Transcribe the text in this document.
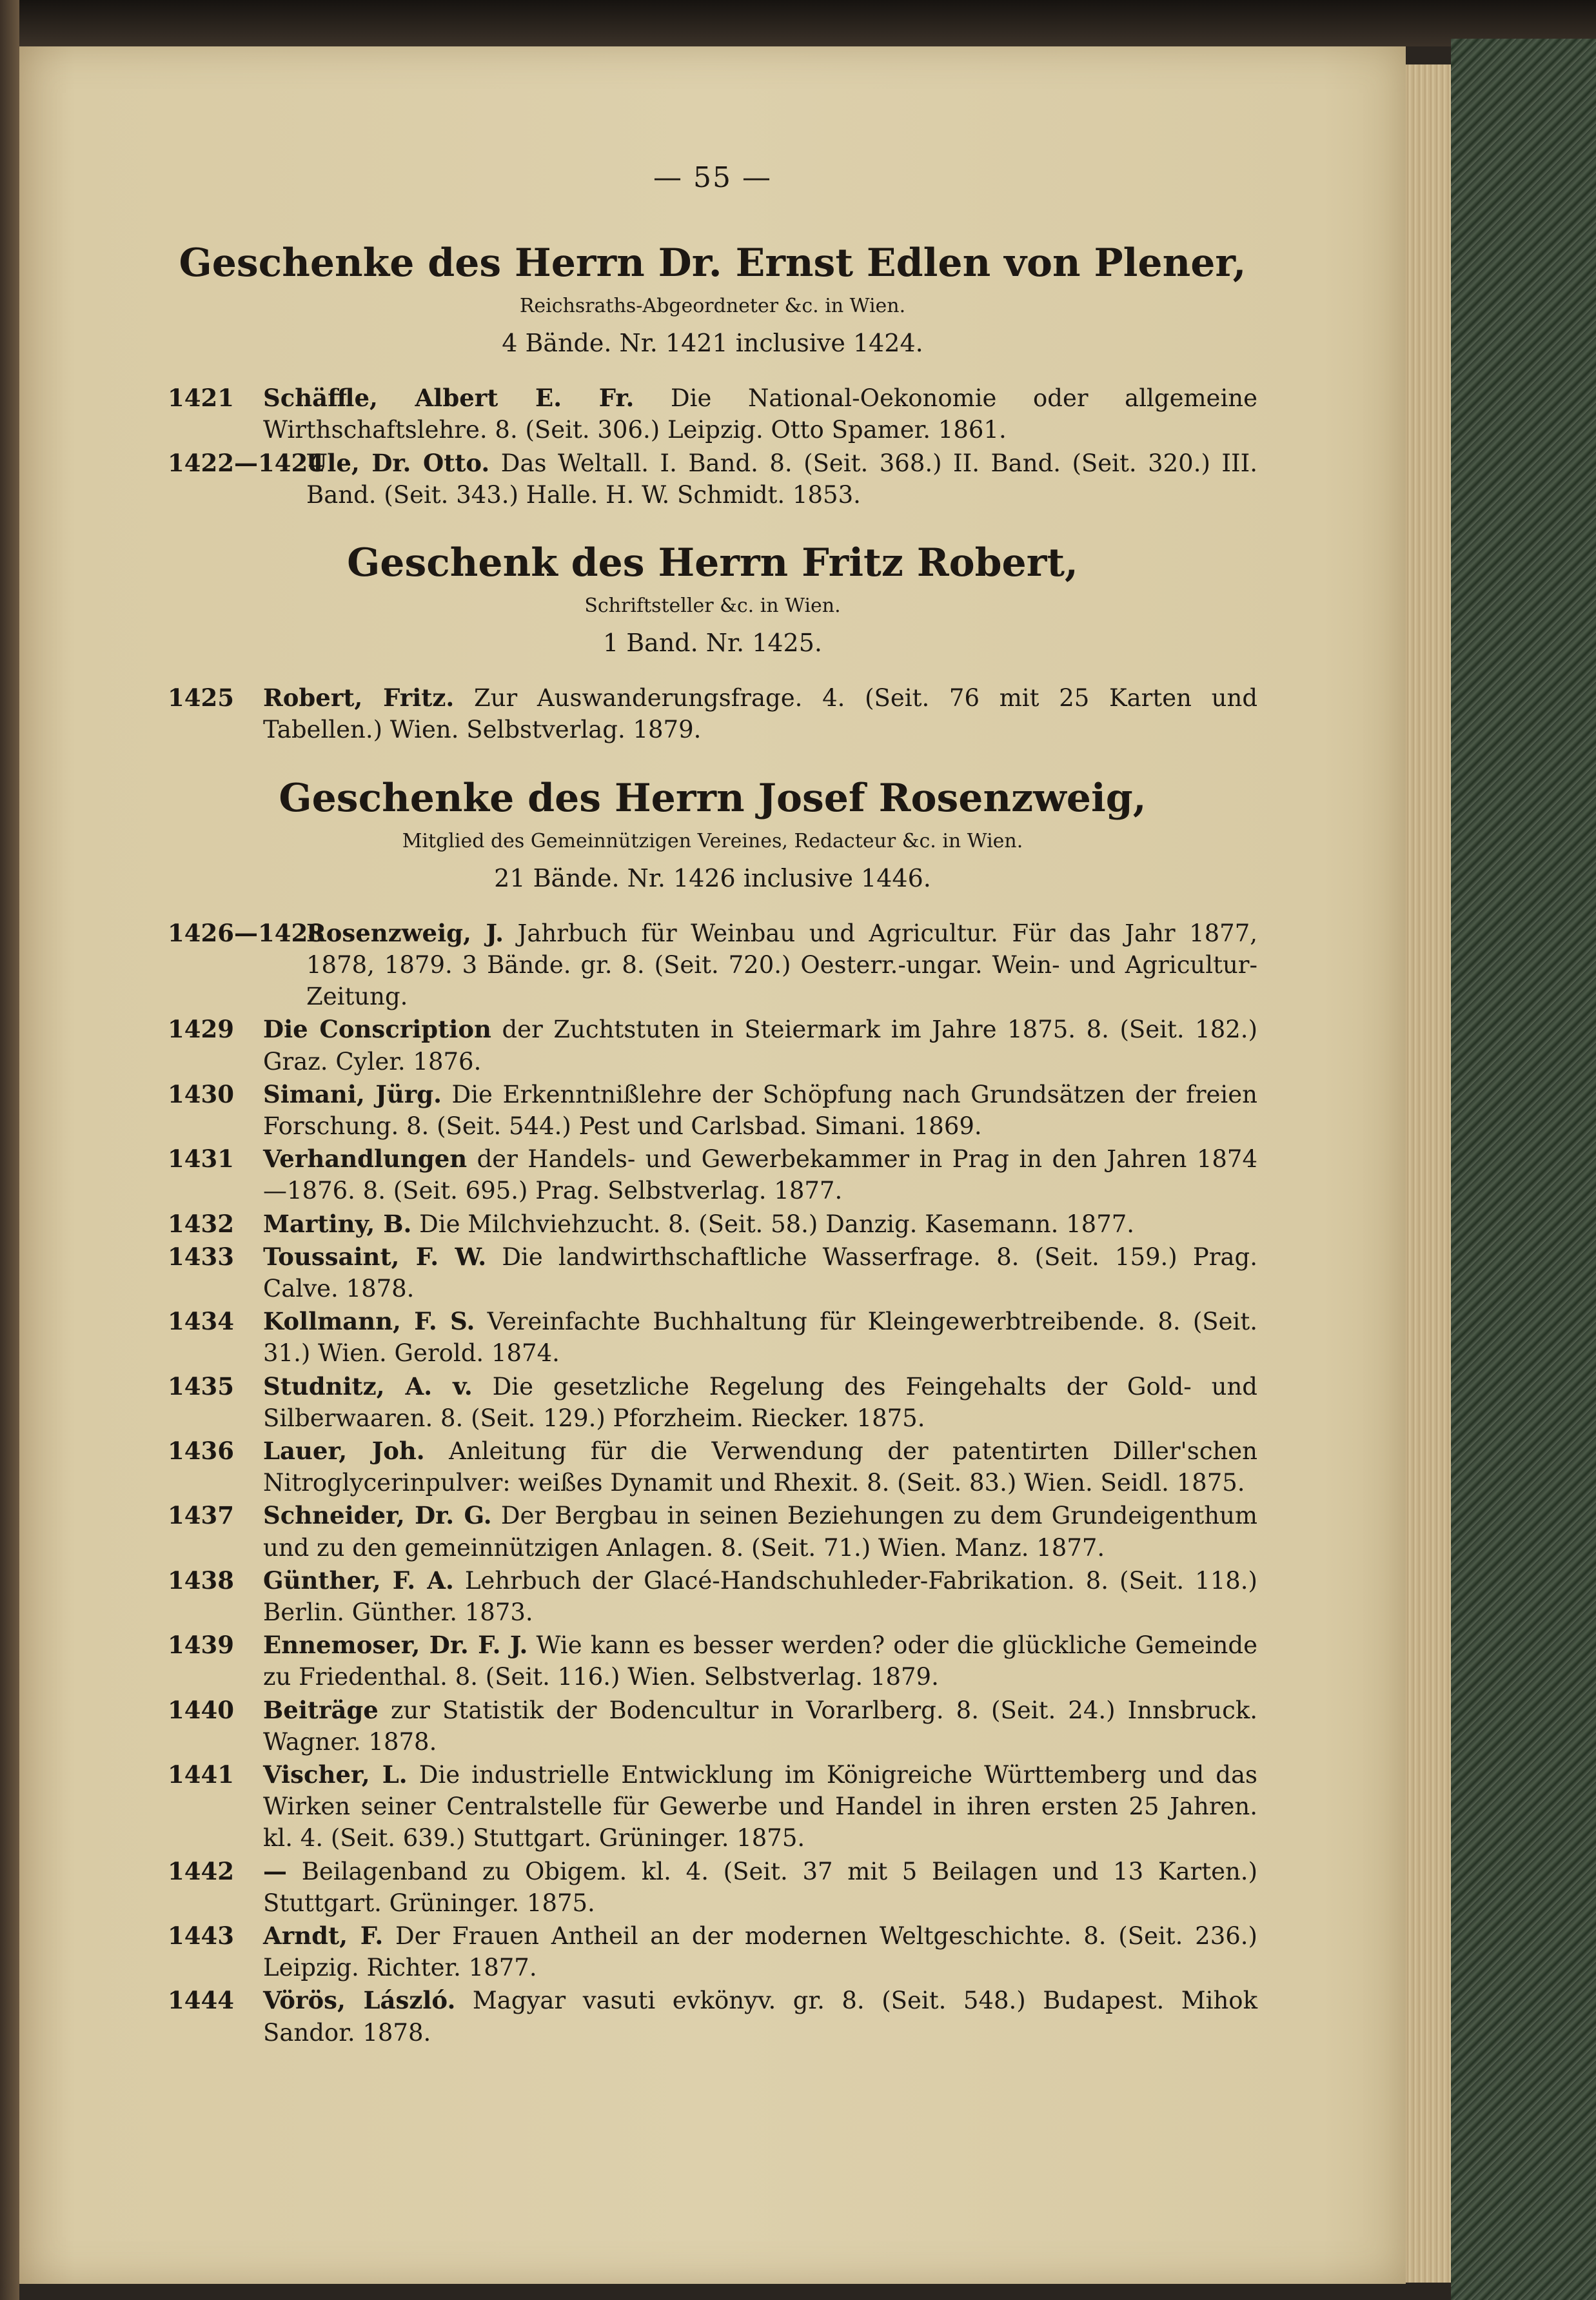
— 55 —
Geschenke des Herrn Dr. Ernst Edlen von Plener,
Reichsraths-Abgeordneter &c. in Wien.
4 Bände. Nr. 1421 inclusive 1424.
1421 Schäffle, Albert E. Fr. Die National-Oekonomie oder allgemeine Wirthschaftslehre. 8. (Seit. 306.) Leipzig. Otto Spamer. 1861.
1422—1424
Ule, Dr. Otto. Das Weltall. I. Band. 8. (Seit. 368.) II. Band. (Seit. 320.) III. Band. (Seit. 343.) Halle. H. W. Schmidt. 1853.
Geschenk des Herrn Fritz Robert,
Schriftsteller &c. in Wien.
1 Band. Nr. 1425.
1425 Robert, Fritz. Zur Auswanderungsfrage. 4. (Seit. 76 mit 25 Karten und Tabellen.) Wien. Selbstverlag. 1879.
Geschenke des Herrn Josef Rosenzweig,
Mitglied des Gemeinnützigen Vereines, Redacteur &c. in Wien.
21 Bände. Nr. 1426 inclusive 1446.
1426—1428
Rosenzweig, J. Jahrbuch für Weinbau und Agricultur. Für das Jahr 1877, 1878, 1879. 3 Bände. gr. 8. (Seit. 720.) Oesterr.-ungar. Wein- und Agricultur-Zeitung.
1429 Die Conscription der Zuchtstuten in Steiermark im Jahre 1875. 8. (Seit. 182.) Graz. Cyler. 1876.
1430 Simani, Jürg. Die Erkenntnißlehre der Schöpfung nach Grundsätzen der freien Forschung. 8. (Seit. 544.) Pest und Carlsbad. Simani. 1869.
1431 Verhandlungen der Handels- und Gewerbekammer in Prag in den Jahren 1874—1876. 8. (Seit. 695.) Prag. Selbstverlag. 1877.
1432 Martiny, B. Die Milchviehzucht. 8. (Seit. 58.) Danzig. Kasemann. 1877.
1433 Toussaint, F. W. Die landwirthschaftliche Wasserfrage. 8. (Seit. 159.) Prag. Calve. 1878.
1434 Kollmann, F. S. Vereinfachte Buchhaltung für Kleingewerbtreibende. 8. (Seit. 31.) Wien. Gerold. 1874.
1435 Studnitz, A. v. Die gesetzliche Regelung des Feingehalts der Gold- und Silberwaaren. 8. (Seit. 129.) Pforzheim. Riecker. 1875.
1436 Lauer, Joh. Anleitung für die Verwendung der patentirten Diller'schen Nitroglycerinpulver: weißes Dynamit und Rhexit. 8. (Seit. 83.) Wien. Seidl. 1875.
1437 Schneider, Dr. G. Der Bergbau in seinen Beziehungen zu dem Grundeigenthum und zu den gemeinnützigen Anlagen. 8. (Seit. 71.) Wien. Manz. 1877.
1438 Günther, F. A. Lehrbuch der Glacé-Handschuhleder-Fabrikation. 8. (Seit. 118.) Berlin. Günther. 1873.
1439 Ennemoser, Dr. F. J. Wie kann es besser werden? oder die glückliche Gemeinde zu Friedenthal. 8. (Seit. 116.) Wien. Selbstverlag. 1879.
1440 Beiträge zur Statistik der Bodencultur in Vorarlberg. 8. (Seit. 24.) Innsbruck. Wagner. 1878.
1441 Vischer, L. Die industrielle Entwicklung im Königreiche Württemberg und das Wirken seiner Centralstelle für Gewerbe und Handel in ihren ersten 25 Jahren. kl. 4. (Seit. 639.) Stuttgart. Grüninger. 1875.
1442 — Beilagenband zu Obigem. kl. 4. (Seit. 37 mit 5 Beilagen und 13 Karten.) Stuttgart. Grüninger. 1875.
1443 Arndt, F. Der Frauen Antheil an der modernen Weltgeschichte. 8. (Seit. 236.) Leipzig. Richter. 1877.
1444 Vörös, László. Magyar vasuti evkönyv. gr. 8. (Seit. 548.) Budapest. Mihok Sandor. 1878.
